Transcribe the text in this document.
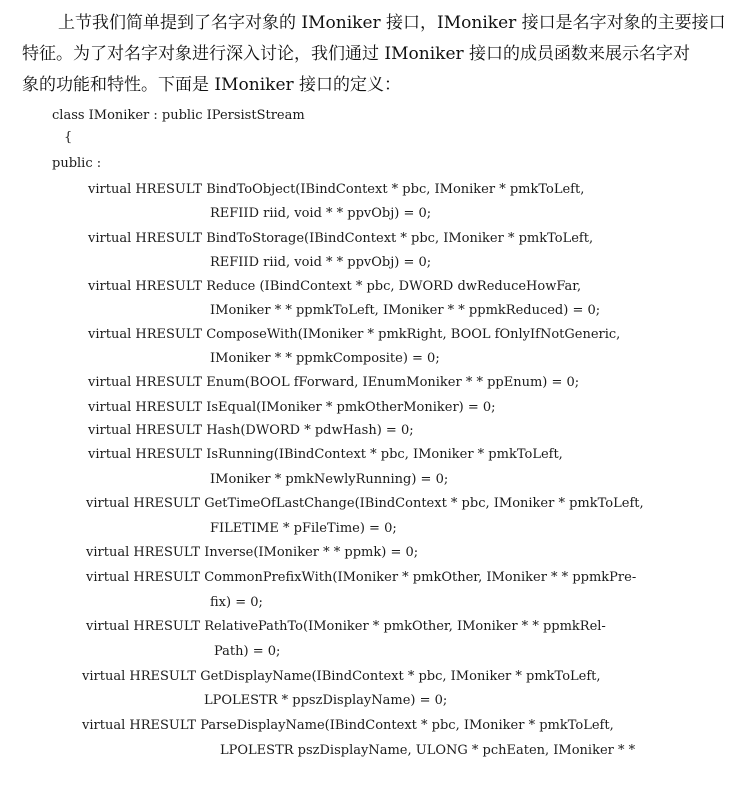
上节我们简单提到了名字对象的 IMoniker 接口，IMoniker 接口是名字对象的主要接口

特征。为了对名字对象进行深入讨论，我们通过 IMoniker 接口的成员函数来展示名字对

象的功能和特性。下面是 IMoniker 接口的定义：

class IMoniker : public IPersistStream
{
public :
virtual HRESULT BindToObject(IBindContext * pbc, IMoniker * pmkToLeft,
REFIID riid, void * * ppvObj) = 0;
virtual HRESULT BindToStorage(IBindContext * pbc, IMoniker * pmkToLeft,
REFIID riid, void * * ppvObj) = 0;
virtual HRESULT Reduce (IBindContext * pbc, DWORD dwReduceHowFar,
IMoniker * * ppmkToLeft, IMoniker * * ppmkReduced) = 0;
virtual HRESULT ComposeWith(IMoniker * pmkRight, BOOL fOnlyIfNotGeneric,
IMoniker * * ppmkComposite) = 0;
virtual HRESULT Enum(BOOL fForward, IEnumMoniker * * ppEnum) = 0;
virtual HRESULT IsEqual(IMoniker * pmkOtherMoniker) = 0;
virtual HRESULT Hash(DWORD * pdwHash) = 0;
virtual HRESULT IsRunning(IBindContext * pbc, IMoniker * pmkToLeft,
IMoniker * pmkNewlyRunning) = 0;
virtual HRESULT GetTimeOfLastChange(IBindContext * pbc, IMoniker * pmkToLeft,
FILETIME * pFileTime) = 0;
virtual HRESULT Inverse(IMoniker * * ppmk) = 0;
virtual HRESULT CommonPrefixWith(IMoniker * pmkOther, IMoniker * * ppmkPre-
fix) = 0;
virtual HRESULT RelativePathTo(IMoniker * pmkOther, IMoniker * * ppmkRel-
Path) = 0;
virtual HRESULT GetDisplayName(IBindContext * pbc, IMoniker * pmkToLeft,
LPOLESTR * ppszDisplayName) = 0;
virtual HRESULT ParseDisplayName(IBindContext * pbc, IMoniker * pmkToLeft,
LPOLESTR pszDisplayName, ULONG * pchEaten, IMoniker * *
